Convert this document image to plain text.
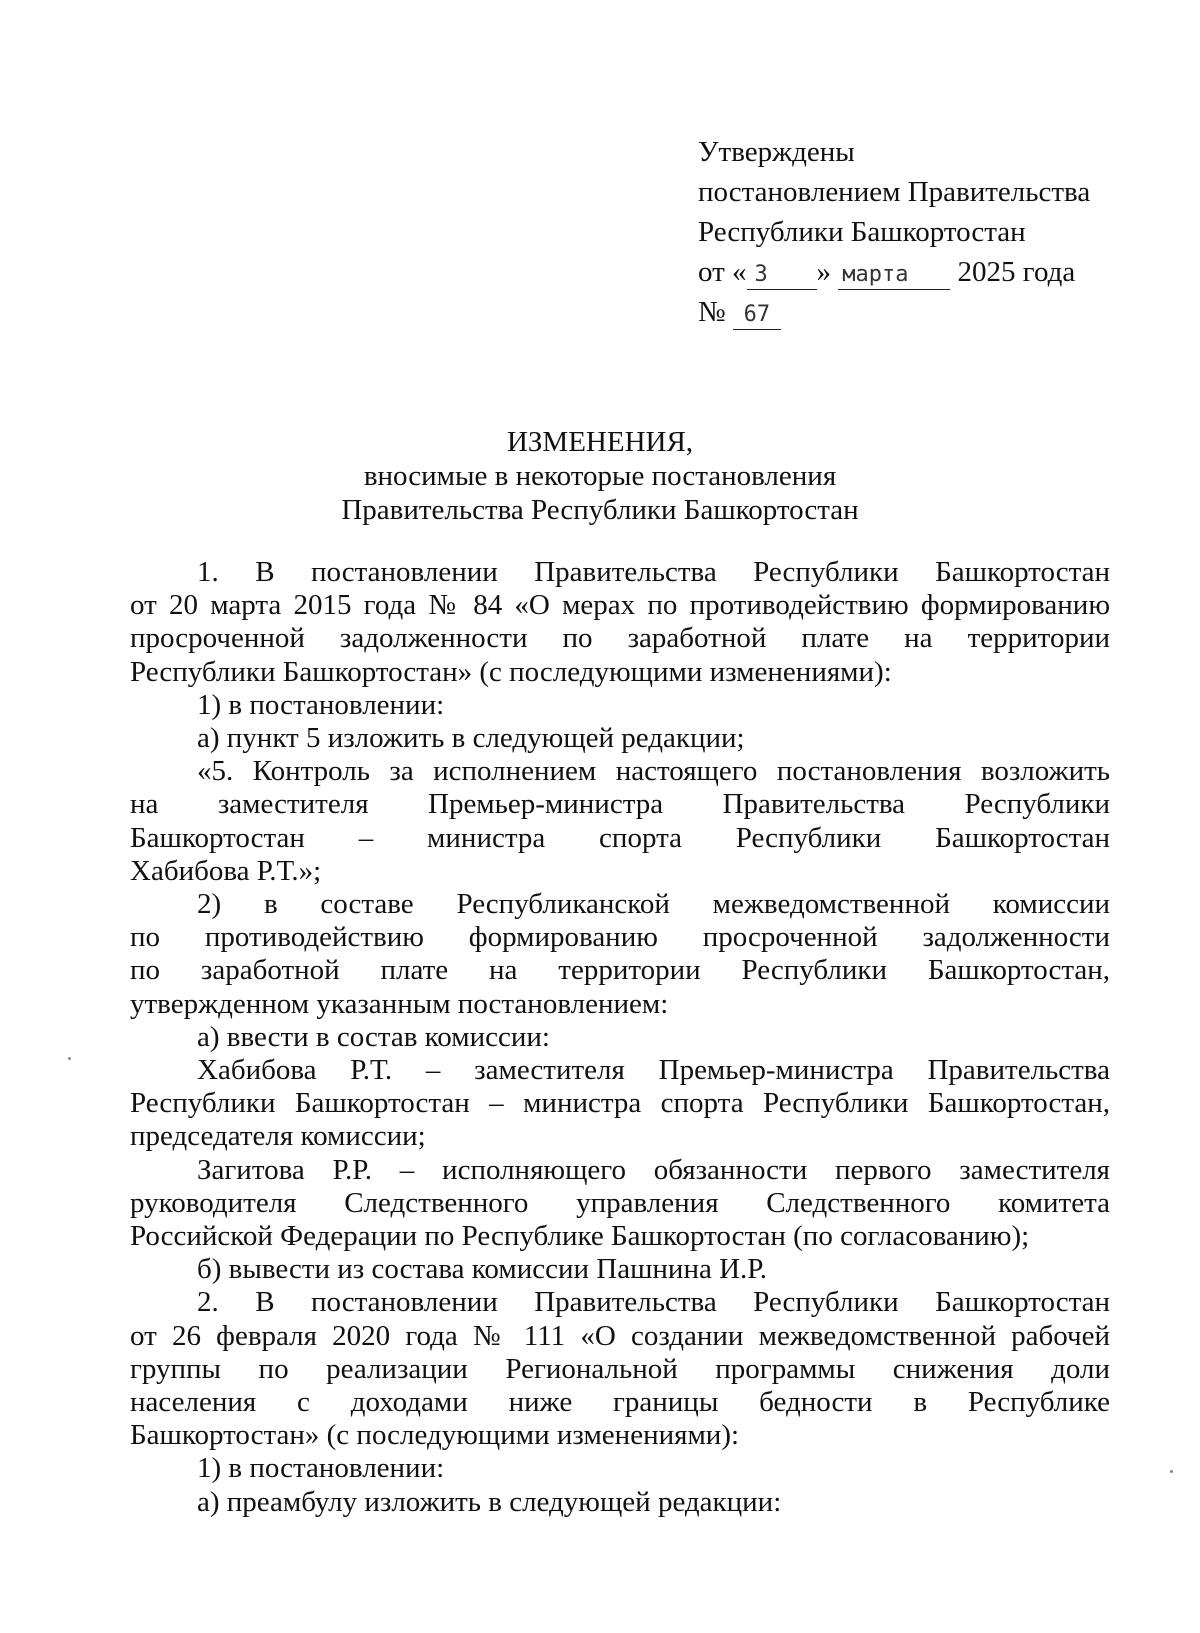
Утверждены
постановлением Правительства
Республики Башкортостан
от « 3 » марта 2025 года
№ 67
ИЗМЕНЕНИЯ,
вносимые в некоторые постановления
Правительства Республики Башкортостан

1. В постановлении Правительства Республики Башкортостан
от 20 марта 2015 года № 84 «О мерах по противодействию формированию
просроченной задолженности по заработной плате на территории
Республики Башкортостан» (с последующими изменениями):

1) в постановлении:

а) пункт 5 изложить в следующей редакции;

«5. Контроль за исполнением настоящего постановления возложить
на заместителя Премьер-министра Правительства Республики
Башкортостан – министра спорта Республики Башкортостан
Хабибова Р.Т.»;

2) в составе Республиканской межведомственной комиссии
по противодействию формированию просроченной задолженности
по заработной плате на территории Республики Башкортостан,
утвержденном указанным постановлением:

а) ввести в состав комиссии:

Хабибова Р.Т. – заместителя Премьер-министра Правительства
Республики Башкортостан – министра спорта Республики Башкортостан,
председателя комиссии;

Загитова Р.Р. – исполняющего обязанности первого заместителя
руководителя Следственного управления Следственного комитета
Российской Федерации по Республике Башкортостан (по согласованию);

б) вывести из состава комиссии Пашнина И.Р.

2. В постановлении Правительства Республики Башкортостан
от 26 февраля 2020 года № 111 «О создании межведомственной рабочей
группы по реализации Региональной программы снижения доли
населения с доходами ниже границы бедности в Республике
Башкортостан» (с последующими изменениями):

1) в постановлении:

а) преамбулу изложить в следующей редакции:
